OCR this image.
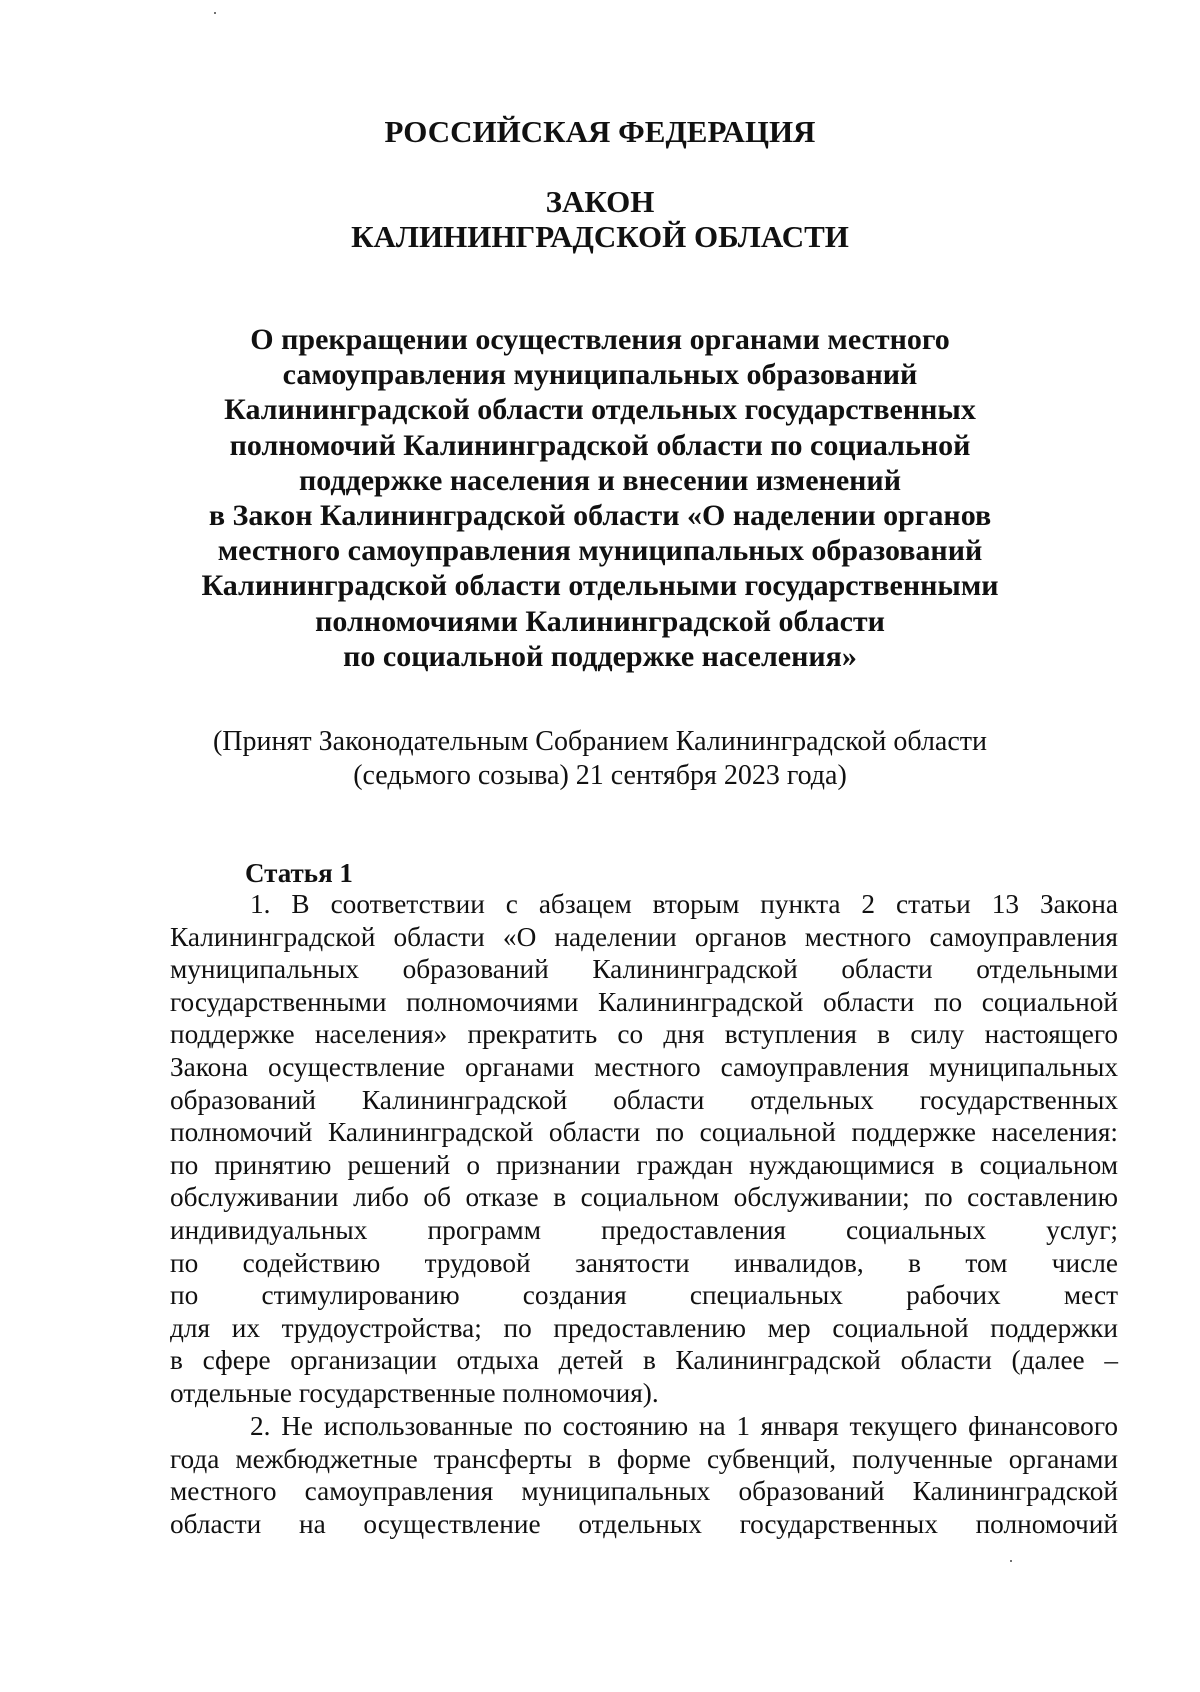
РОССИЙСКАЯ ФЕДЕРАЦИЯ
ЗАКОН
КАЛИНИНГРАДСКОЙ ОБЛАСТИ
О прекращении осуществления органами местного
самоуправления муниципальных образований
Калининградской области отдельных государственных
полномочий Калининградской области по социальной
поддержке населения и внесении изменений
в Закон Калининградской области «О наделении органов
местного самоуправления муниципальных образований
Калининградской области отдельными государственными
полномочиями Калининградской области
по социальной поддержке населения»
(Принят Законодательным Собранием Калининградской области
(седьмого созыва) 21 сентября 2023 года)
Статья 1
1. В соответствии с абзацем вторым пункта 2 статьи 13 Закона
Калининградской области «О наделении органов местного самоуправления
муниципальных образований Калининградской области отдельными
государственными полномочиями Калининградской области по социальной
поддержке населения» прекратить со дня вступления в силу настоящего
Закона осуществление органами местного самоуправления муниципальных
образований Калининградской области отдельных государственных
полномочий Калининградской области по социальной поддержке населения:
по принятию решений о признании граждан нуждающимися в социальном
обслуживании либо об отказе в социальном обслуживании; по составлению
индивидуальных программ предоставления социальных услуг;
по содействию трудовой занятости инвалидов, в том числе
по стимулированию создания специальных рабочих мест
для их трудоустройства; по предоставлению мер социальной поддержки
в сфере организации отдыха детей в Калининградской области (далее –
отдельные государственные полномочия).
2. Не использованные по состоянию на 1 января текущего финансового
года межбюджетные трансферты в форме субвенций, полученные органами
местного самоуправления муниципальных образований Калининградской
области на осуществление отдельных государственных полномочий
